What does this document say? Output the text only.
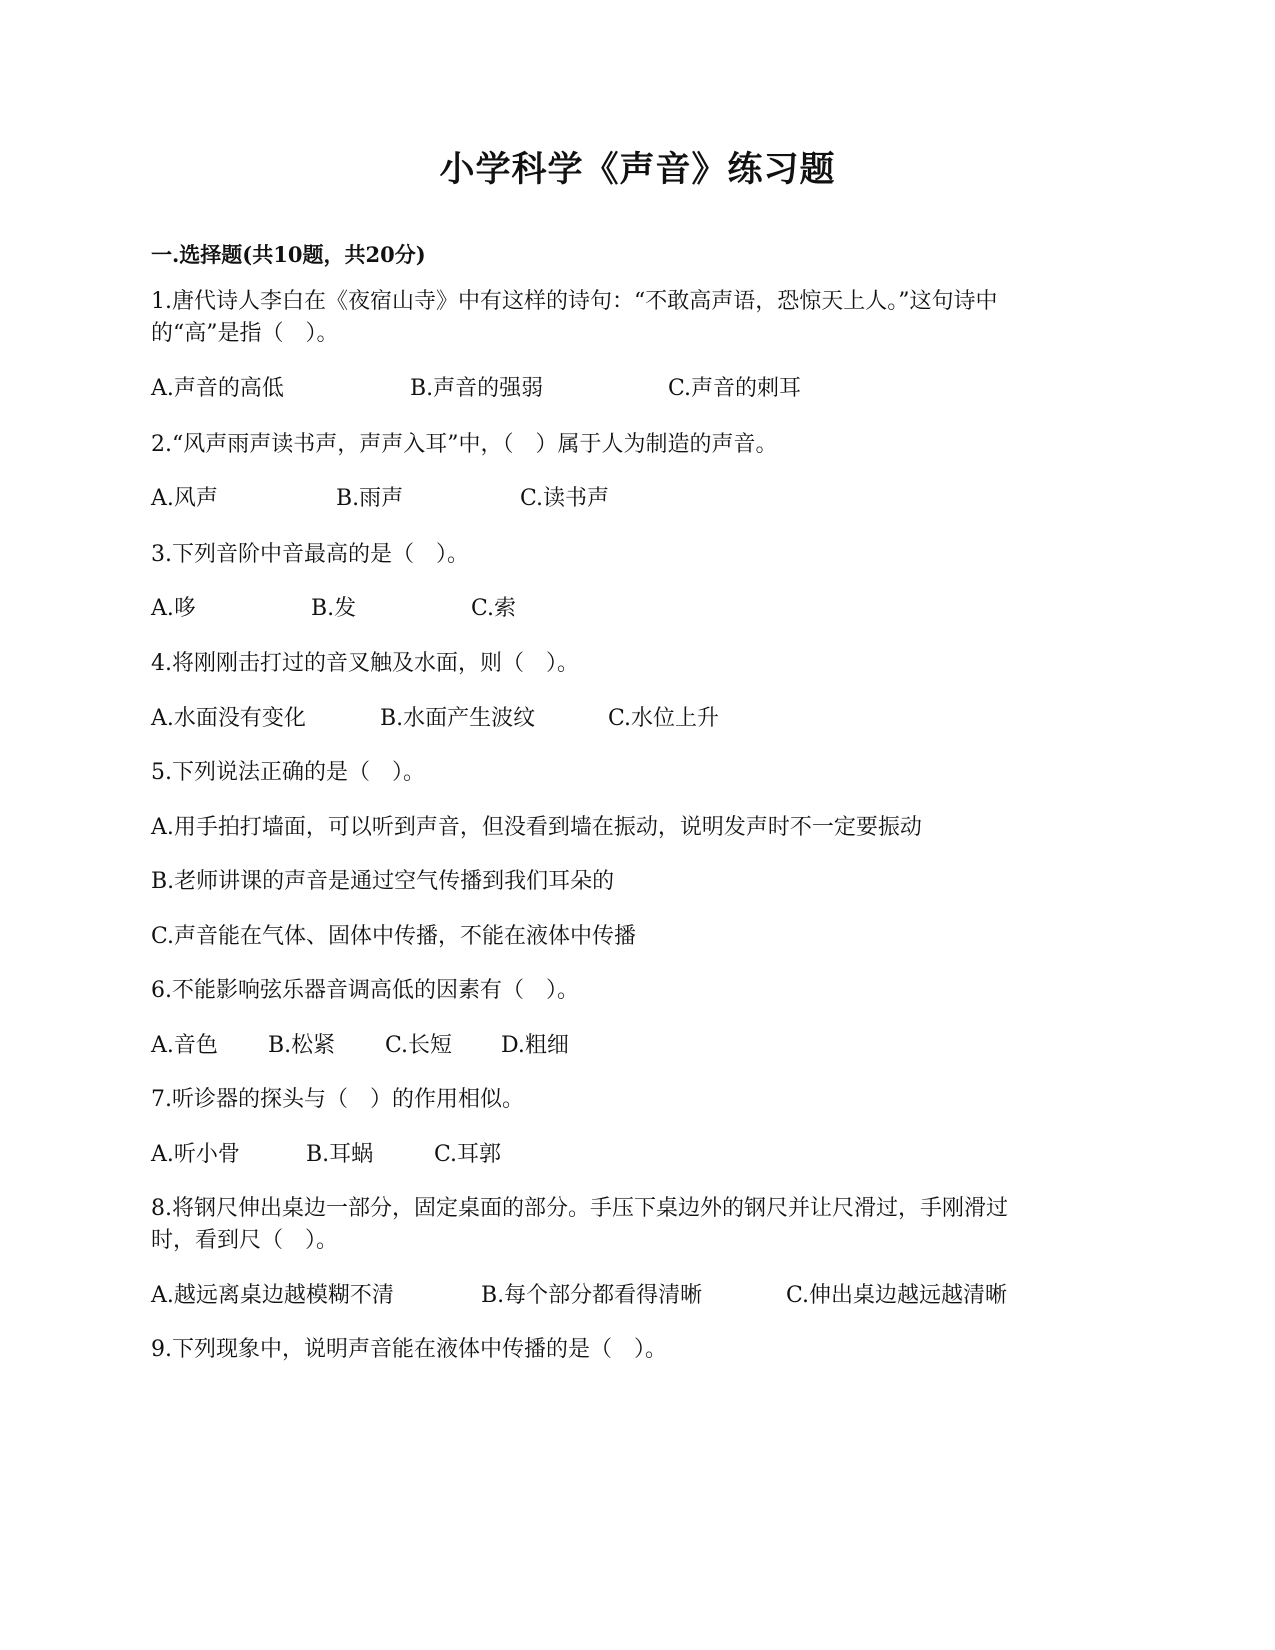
小学科学《声音》练习题
一.选择题(共10题，共20分)
1.唐代诗人李白在《夜宿山寺》中有这样的诗句：“不敢高声语，恐惊天上人。”这句诗中
的“高”是指（　）。
A.声音的高低	B.声音的强弱	C.声音的刺耳
2.“风声雨声读书声，声声入耳”中，（　）属于人为制造的声音。
A.风声	B.雨声	C.读书声
3.下列音阶中音最高的是（　）。
A.哆	B.发	C.索
4.将刚刚击打过的音叉触及水面，则（　）。
A.水面没有变化	B.水面产生波纹	C.水位上升
5.下列说法正确的是（　）。
A.用手拍打墙面，可以听到声音，但没看到墙在振动，说明发声时不一定要振动
B.老师讲课的声音是通过空气传播到我们耳朵的
C.声音能在气体、固体中传播，不能在液体中传播
6.不能影响弦乐器音调高低的因素有（　）。
A.音色 B.松紧 C.长短 D.粗细
7.听诊器的探头与（　）的作用相似。
A.听小骨	B.耳蜗	C.耳郭
8.将钢尺伸出桌边一部分，固定桌面的部分。手压下桌边外的钢尺并让尺滑过，手刚滑过
时，看到尺（　）。
A.越远离桌边越模糊不清	B.每个部分都看得清晰	C.伸出桌边越远越清晰
9.下列现象中，说明声音能在液体中传播的是（　）。
